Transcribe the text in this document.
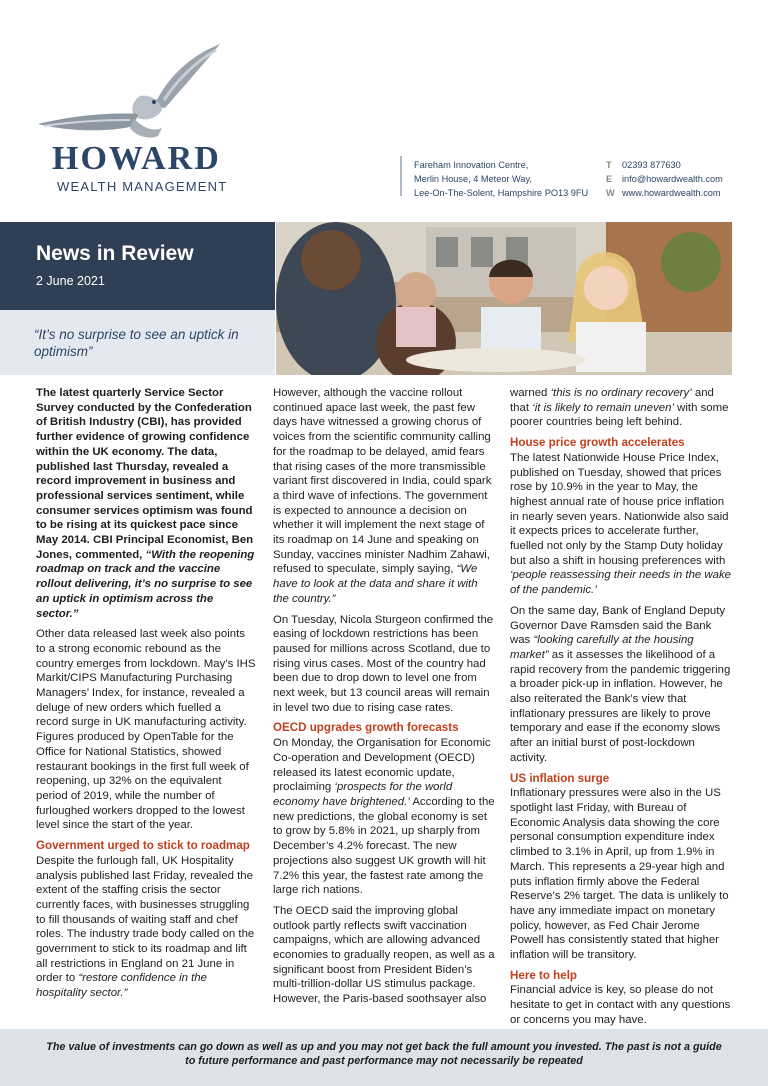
HOWARD
WEALTH MANAGEMENT
Fareham Innovation Centre,
Merlin House, 4 Meteor Way,
Lee-On-The-Solent, Hampshire PO13 9FU
T 02393 877630
E info@howardwealth.com
W www.howardwealth.com
News in Review
2 June 2021
“It’s no surprise to see an uptick in optimism”

The latest quarterly Service Sector Survey conducted by the Confederation of British Industry (CBI), has provided further evidence of growing confidence within the UK economy. The data, published last Thursday, revealed a record improvement in business and professional services sentiment, while consumer services optimism was found to be rising at its quickest pace since May 2014. CBI Principal Economist, Ben Jones, commented, “With the reopening roadmap on track and the vaccine rollout delivering, it’s no surprise to see an uptick in optimism across the sector.”

Other data released last week also points to a strong economic rebound as the country emerges from lockdown. May’s IHS Markit/CIPS Manufacturing Purchasing Managers’ Index, for instance, revealed a deluge of new orders which fuelled a record surge in UK manufacturing activity. Figures produced by OpenTable for the Office for National Statistics, showed restaurant bookings in the first full week of reopening, up 32% on the equivalent period of 2019, while the number of furloughed workers dropped to the lowest level since the start of the year.

Government urged to stick to roadmap

Despite the furlough fall, UK Hospitality analysis published last Friday, revealed the extent of the staffing crisis the sector currently faces, with businesses struggling to fill thousands of waiting staff and chef roles. The industry trade body called on the government to stick to its roadmap and lift all restrictions in England on 21 June in order to “restore confidence in the hospitality sector.”

However, although the vaccine rollout continued apace last week, the past few days have witnessed a growing chorus of voices from the scientific community calling for the roadmap to be delayed, amid fears that rising cases of the more transmissible variant first discovered in India, could spark a third wave of infections. The government is expected to announce a decision on whether it will implement the next stage of its roadmap on 14 June and speaking on Sunday, vaccines minister Nadhim Zahawi, refused to speculate, simply saying, “We have to look at the data and share it with the country.”

On Tuesday, Nicola Sturgeon confirmed the easing of lockdown restrictions has been paused for millions across Scotland, due to rising virus cases. Most of the country had been due to drop down to level one from next week, but 13 council areas will remain in level two due to rising case rates.

OECD upgrades growth forecasts

On Monday, the Organisation for Economic Co-operation and Development (OECD) released its latest economic update, proclaiming ‘prospects for the world economy have brightened.’ According to the new predictions, the global economy is set to grow by 5.8% in 2021, up sharply from December’s 4.2% forecast. The new projections also suggest UK growth will hit 7.2% this year, the fastest rate among the large rich nations.

The OECD said the improving global outlook partly reflects swift vaccination campaigns, which are allowing advanced economies to gradually reopen, as well as a significant boost from President Biden’s multi-trillion-dollar US stimulus package. However, the Paris-based soothsayer also

warned ‘this is no ordinary recovery’ and that ‘it is likely to remain uneven’ with some poorer countries being left behind.

House price growth accelerates

The latest Nationwide House Price Index, published on Tuesday, showed that prices rose by 10.9% in the year to May, the highest annual rate of house price inflation in nearly seven years. Nationwide also said it expects prices to accelerate further, fuelled not only by the Stamp Duty holiday but also a shift in housing preferences with ‘people reassessing their needs in the wake of the pandemic.’

On the same day, Bank of England Deputy Governor Dave Ramsden said the Bank was “looking carefully at the housing market” as it assesses the likelihood of a rapid recovery from the pandemic triggering a broader pick-up in inflation. However, he also reiterated the Bank’s view that inflationary pressures are likely to prove temporary and ease if the economy slows after an initial burst of post-lockdown activity.

US inflation surge

Inflationary pressures were also in the US spotlight last Friday, with Bureau of Economic Analysis data showing the core personal consumption expenditure index climbed to 3.1% in April, up from 1.9% in March. This represents a 29-year high and puts inflation firmly above the Federal Reserve’s 2% target. The data is unlikely to have any immediate impact on monetary policy, however, as Fed Chair Jerome Powell has consistently stated that higher inflation will be transitory.

Here to help

Financial advice is key, so please do not hesitate to get in contact with any questions or concerns you may have.

The value of investments can go down as well as up and you may not get back the full amount you invested. The past is not a guide to future performance and past performance may not necessarily be repeated
